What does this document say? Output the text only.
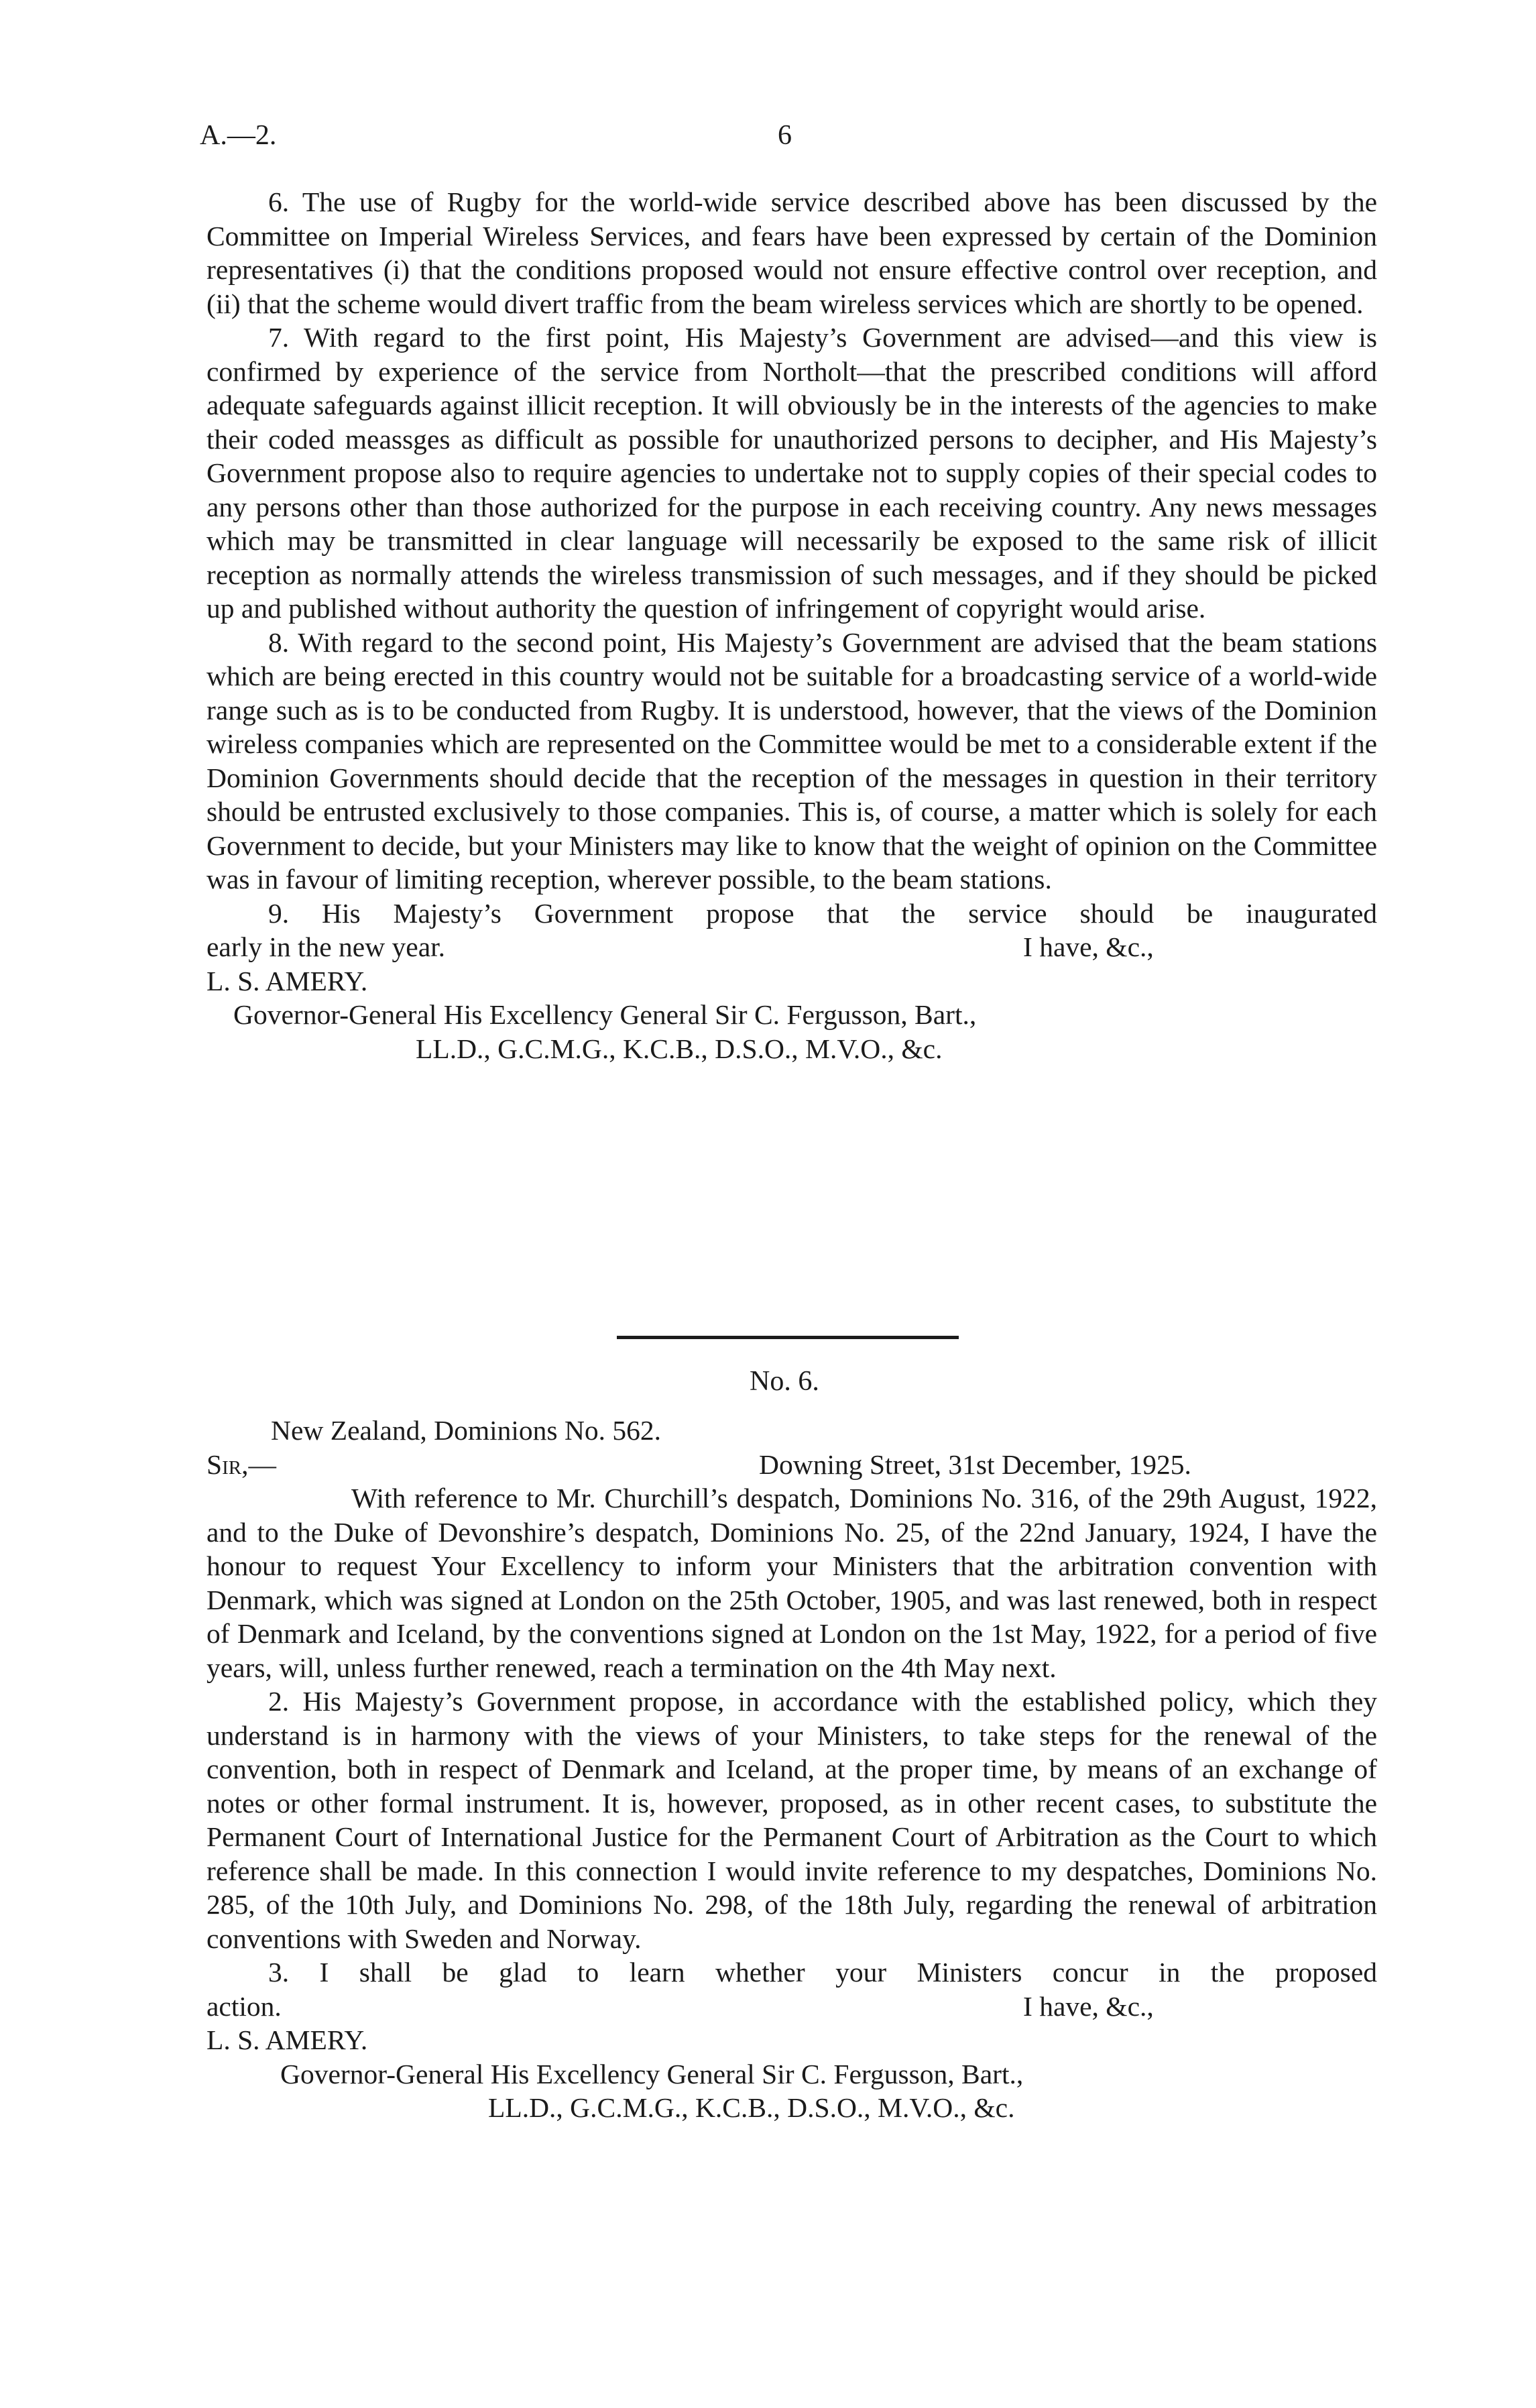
A.—2.	6

6. The use of Rugby for the world-wide service described above has been discussed by the Committee on Imperial Wireless Services, and fears have been expressed by certain of the Dominion representatives (i) that the conditions proposed would not ensure effective control over reception, and (ii) that the scheme would divert traffic from the beam wireless services which are shortly to be opened.

7. With regard to the first point, His Majesty’s Government are advised—and this view is confirmed by experience of the service from Northolt—that the prescribed conditions will afford adequate safeguards against illicit reception. It will obviously be in the interests of the agencies to make their coded meassges as difficult as possible for unauthorized persons to decipher, and His Majesty’s Government propose also to require agencies to undertake not to supply copies of their special codes to any persons other than those authorized for the purpose in each receiving country. Any news messages which may be transmitted in clear language will necessarily be exposed to the same risk of illicit reception as normally attends the wireless transmission of such messages, and if they should be picked up and published without authority the question of infringement of copyright would arise.

8. With regard to the second point, His Majesty’s Government are advised that the beam stations which are being erected in this country would not be suitable for a broadcasting service of a world-wide range such as is to be conducted from Rugby. It is understood, however, that the views of the Dominion wireless companies which are represented on the Committee would be met to a considerable extent if the Dominion Governments should decide that the reception of the messages in question in their territory should be entrusted exclusively to those companies. This is, of course, a matter which is solely for each Government to decide, but your Ministers may like to know that the weight of opinion on the Committee was in favour of limiting reception, wherever possible, to the beam stations.

9. His Majesty’s Government propose that the service should be inaugurated

early in the new year.	I have, &c.,

L. S. AMERY.

Governor-General His Excellency General Sir C. Fergusson, Bart.,
LL.D., G.C.M.G., K.C.B., D.S.O., M.V.O., &c.
No. 6.
New Zealand, Dominions No. 562.
Sir,—	Downing Street, 31st December, 1925.

With reference to Mr. Churchill’s despatch, Dominions No. 316, of the 29th August, 1922, and to the Duke of Devonshire’s despatch, Dominions No. 25, of the 22nd January, 1924, I have the honour to request Your Excellency to inform your Ministers that the arbitration convention with Denmark, which was signed at London on the 25th October, 1905, and was last renewed, both in respect of Denmark and Iceland, by the conventions signed at London on the 1st May, 1922, for a period of five years, will, unless further renewed, reach a termination on the 4th May next.

2. His Majesty’s Government propose, in accordance with the established policy, which they understand is in harmony with the views of your Ministers, to take steps for the renewal of the convention, both in respect of Denmark and Iceland, at the proper time, by means of an exchange of notes or other formal instrument. It is, however, proposed, as in other recent cases, to substitute the Permanent Court of International Justice for the Permanent Court of Arbitration as the Court to which reference shall be made. In this connection I would invite reference to my despatches, Dominions No. 285, of the 10th July, and Dominions No. 298, of the 18th July, regarding the renewal of arbitration conventions with Sweden and Norway.

3. I shall be glad to learn whether your Ministers concur in the proposed

action.	I have, &c.,

L. S. AMERY.

Governor-General His Excellency General Sir C. Fergusson, Bart.,
LL.D., G.C.M.G., K.C.B., D.S.O., M.V.O., &c.
